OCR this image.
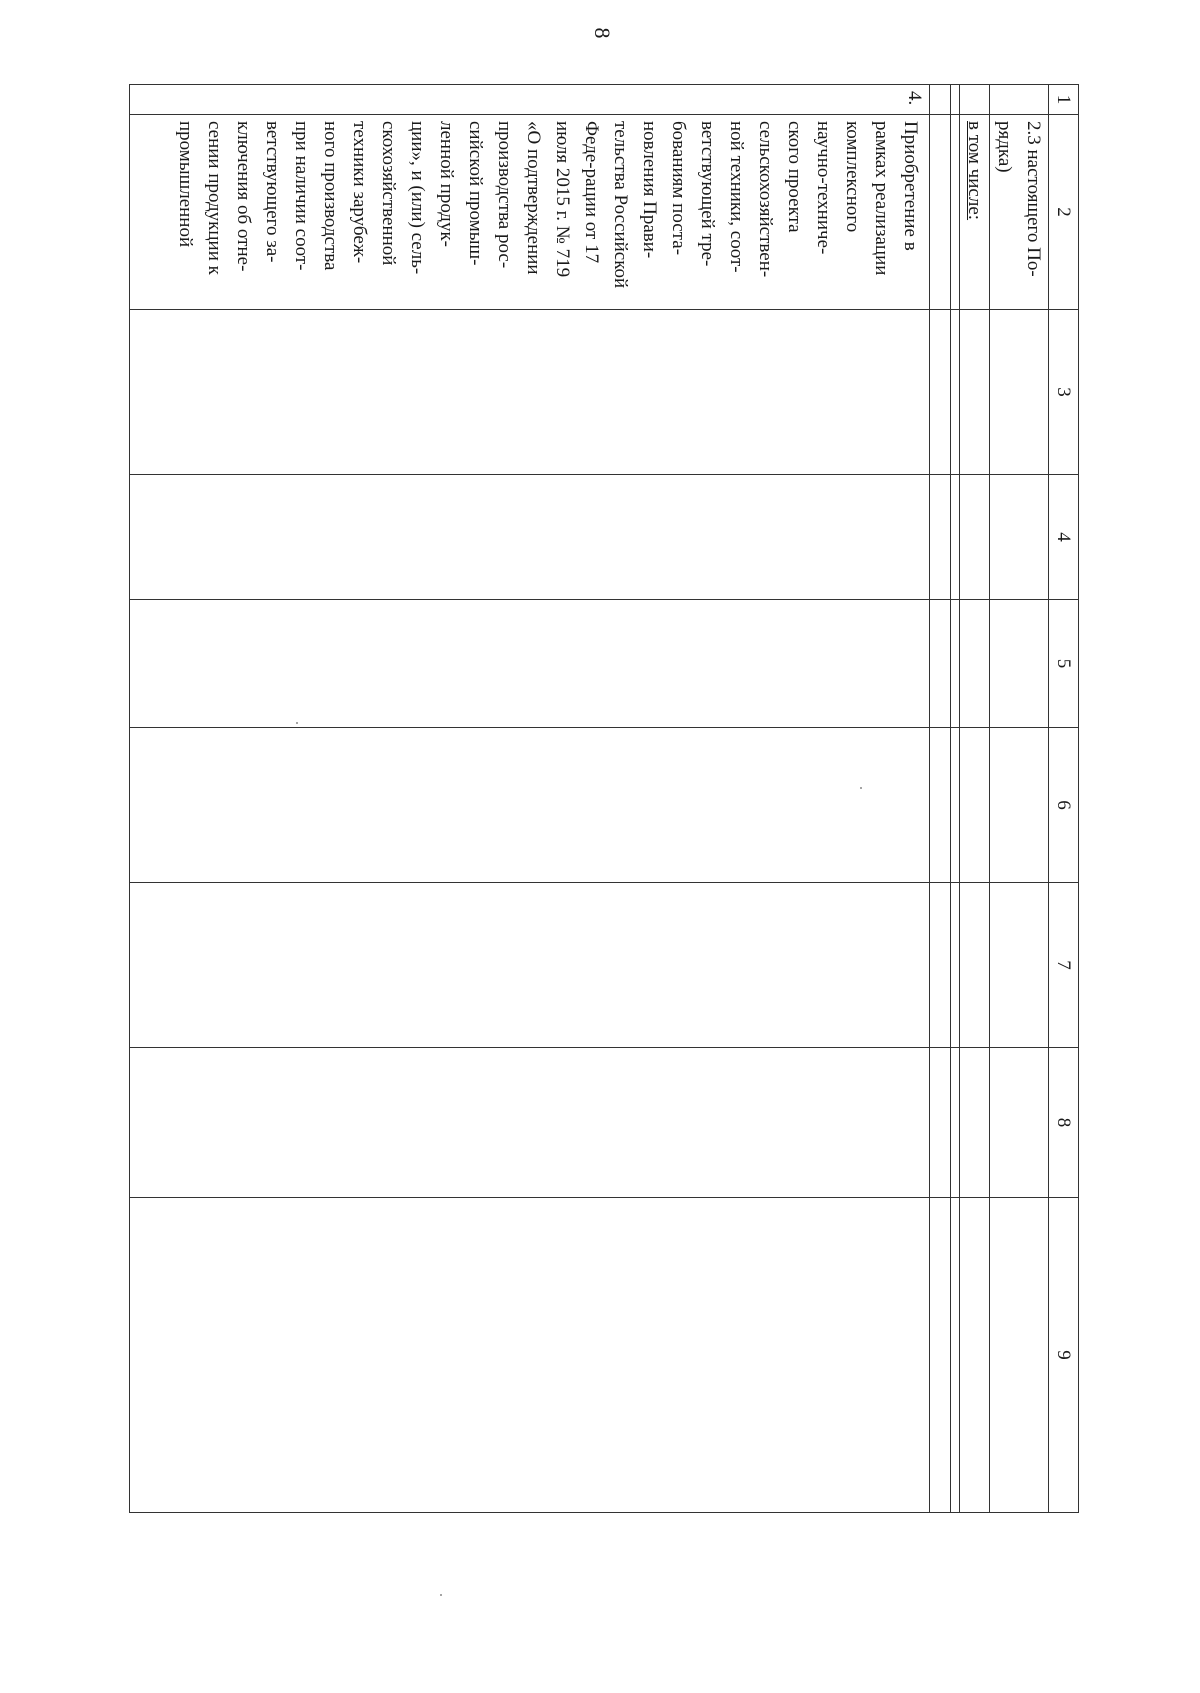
8
1	2	3	4	5	6	7	8	9

	2.3 настоящего По-рядка)							

	в том числе:							

4.	Приобретение в рамках реализации комплексного научно-техниче-ского проекта сельскохозяйствен-ной техники, соот-ветствующей тре-бованиям поста-новления Прави-тельства Российской Феде-рации от 17 июля 2015 г. № 719 «О подтверждении производства рос-сийской промыш-ленной продук-ции», и (или) сель-скохозяйственной техники зарубеж-ного производства при наличии соот-ветствующего за-ключения об отне-сении продукции к промышленной							
